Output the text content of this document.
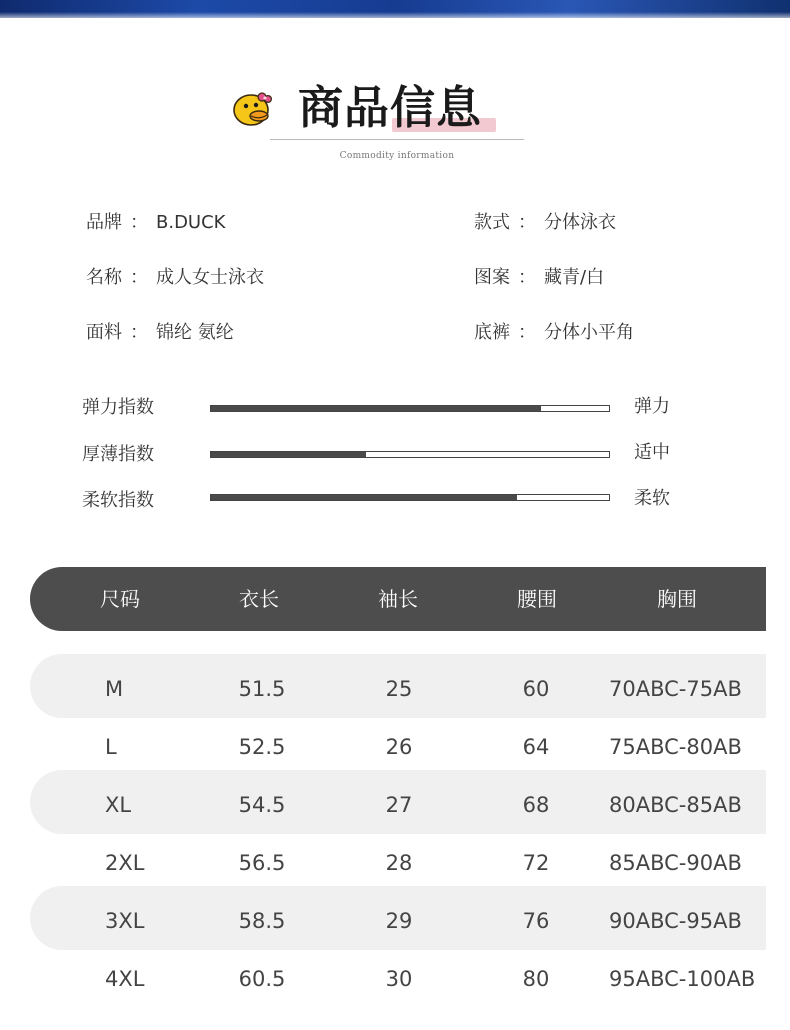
商品信息
Commodity information
品牌 ： B.DUCK	款式 ： 分体泳衣
名称 ：成人女士泳衣	图案 ：藏青/白
面料 ： 锦纶 氨纶	底裤 ： 分体小平角
弹力指数	弹力
厚薄指数	适中
柔软指数	柔软
尺码	衣长	袖长	腰围	胸围
M	51.5	25	60	70ABC-75AB
L	52.5	26	64	75ABC-80AB
XL	54.5	27	68	80ABC-85AB
2XL	56.5	28	72	85ABC-90AB
3XL	58.5	29	76	90ABC-95AB
4XL	60.5	30	80	95ABC-100AB
